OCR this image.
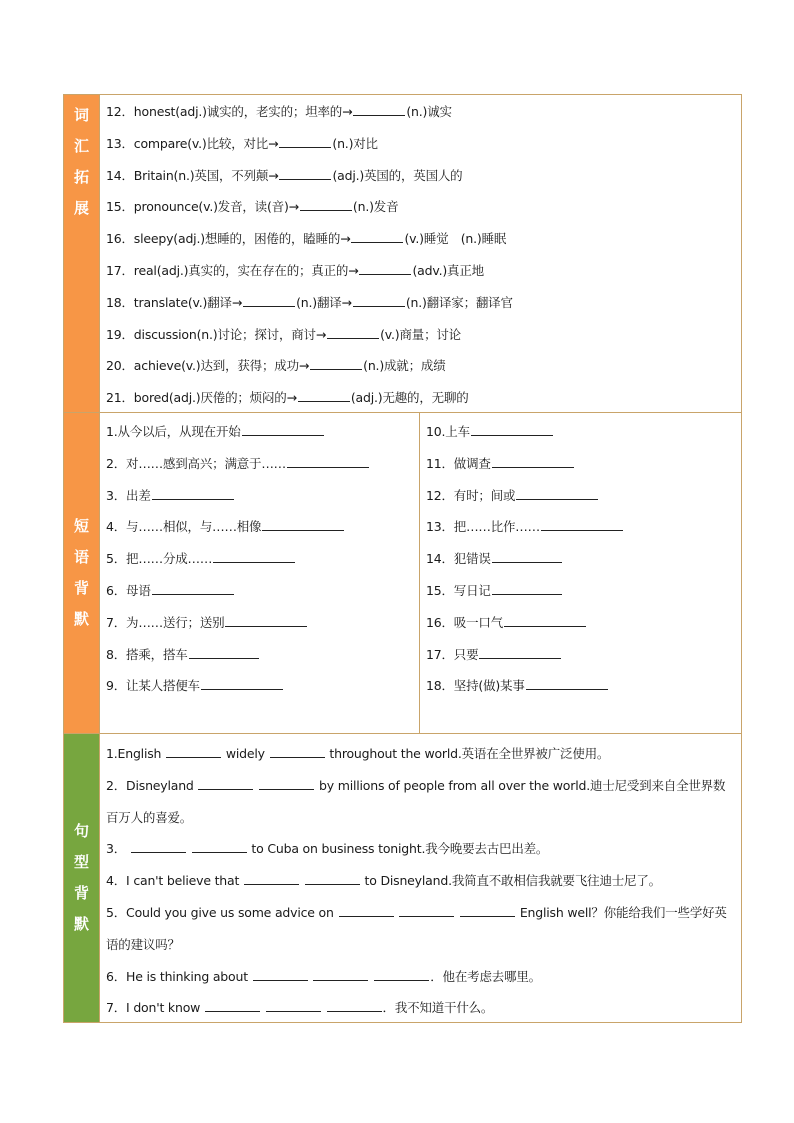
词
汇
拓
展
12．honest(adj.)诚实的，老实的；坦率的→	(n.)诚实
13．compare(v.)比较，对比→	(n.)对比
14．Britain(n.)英国，不列颠→	(adj.)英国的，英国人的
15．pronounce(v.)发音，读(音)→	(n.)发音
16．sleepy(adj.)想睡的，困倦的，瞌睡的→	(v.)睡觉　(n.)睡眠
17．real(adj.)真实的，实在存在的；真正的→	(adv.)真正地
18．translate(v.)翻译→	(n.)翻译→	(n.)翻译家；翻译官
19．discussion(n.)讨论；探讨，商讨→	(v.)商量；讨论
20．achieve(v.)达到，获得；成功→	(n.)成就；成绩
21．bored(adj.)厌倦的；烦闷的→	(adj.)无趣的，无聊的
短
语
背
默
1.从今以后，从现在开始
2．对……感到高兴；满意于……
3．出差
4．与……相似，与……相像
5．把……分成……
6．母语
7．为……送行；送别
8．搭乘，搭车
9．让某人搭便车
10.上车
11．做调查
12．有时；间或
13．把……比作……
14．犯错误
15．写日记
16．吸一口气
17．只要
18．坚持(做)某事
句
型
背
默
1.English	widely	throughout the world.英语在全世界被广泛使用。
2．Disneyland	by millions of people from all over the world.迪士尼受到来自全世界数百万人的喜爱。
3．	to Cuba on business tonight.我今晚要去古巴出差。
4．I can't believe that	to Disneyland.我简直不敢相信我就要飞往迪士尼了。
5．Could you give us some advice on	English well？你能给我们一些学好英语的建议吗？
6．He is thinking about	．他在考虑去哪里。
7．I don't know	．我不知道干什么。
